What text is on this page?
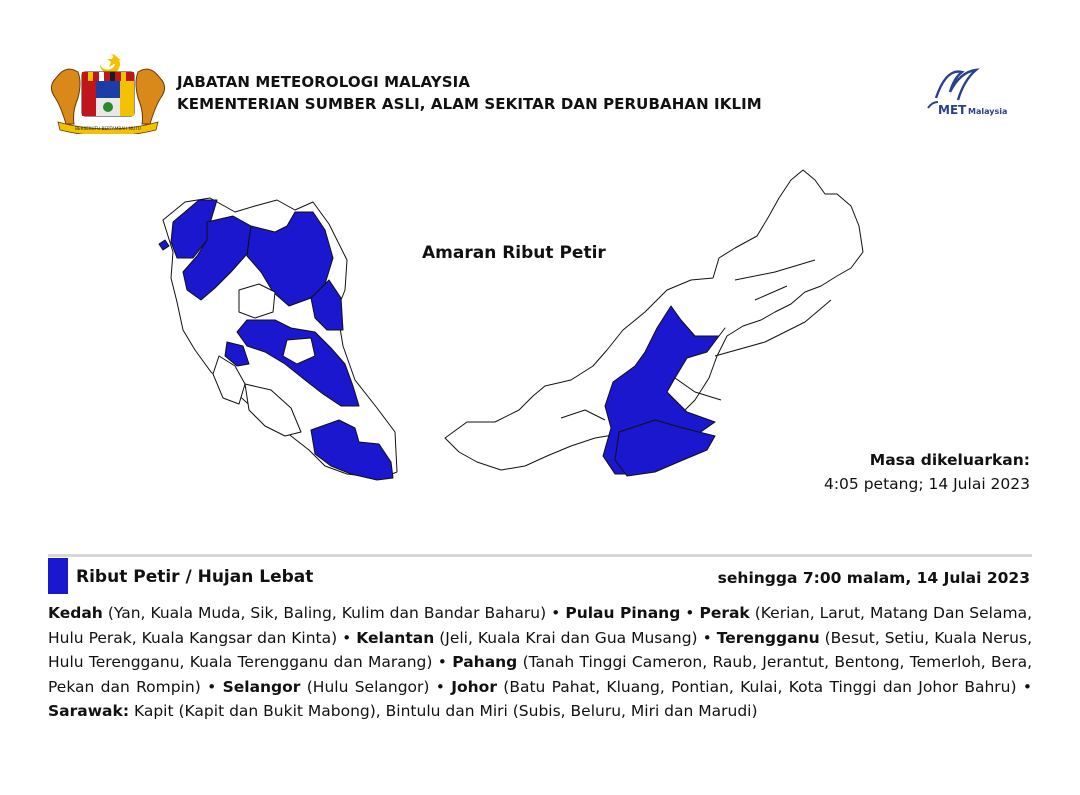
BERSEKUTU BERTAMBAH MUTU
JABATAN METEOROLOGI MALAYSIA
KEMENTERIAN SUMBER ASLI, ALAM SEKITAR DAN PERUBAHAN IKLIM	MET Malaysia
Amaran Ribut Petir
Masa dikeluarkan:
4:05 petang; 14 Julai 2023
Ribut Petir / Hujan Lebat	sehingga 7:00 malam, 14 Julai 2023
Kedah (Yan, Kuala Muda, Sik, Baling, Kulim dan Bandar Baharu) • Pulau Pinang • Perak (Kerian, Larut, Matang Dan Selama, Hulu Perak, Kuala Kangsar dan Kinta) • Kelantan (Jeli, Kuala Krai dan Gua Musang) • Terengganu (Besut, Setiu, Kuala Nerus, Hulu Terengganu, Kuala Terengganu dan Marang) • Pahang (Tanah Tinggi Cameron, Raub, Jerantut, Bentong, Temerloh, Bera, Pekan dan Rompin) • Selangor (Hulu Selangor) • Johor (Batu Pahat, Kluang, Pontian, Kulai, Kota Tinggi dan Johor Bahru) • Sarawak: Kapit (Kapit dan Bukit Mabong), Bintulu dan Miri (Subis, Beluru, Miri dan Marudi)
